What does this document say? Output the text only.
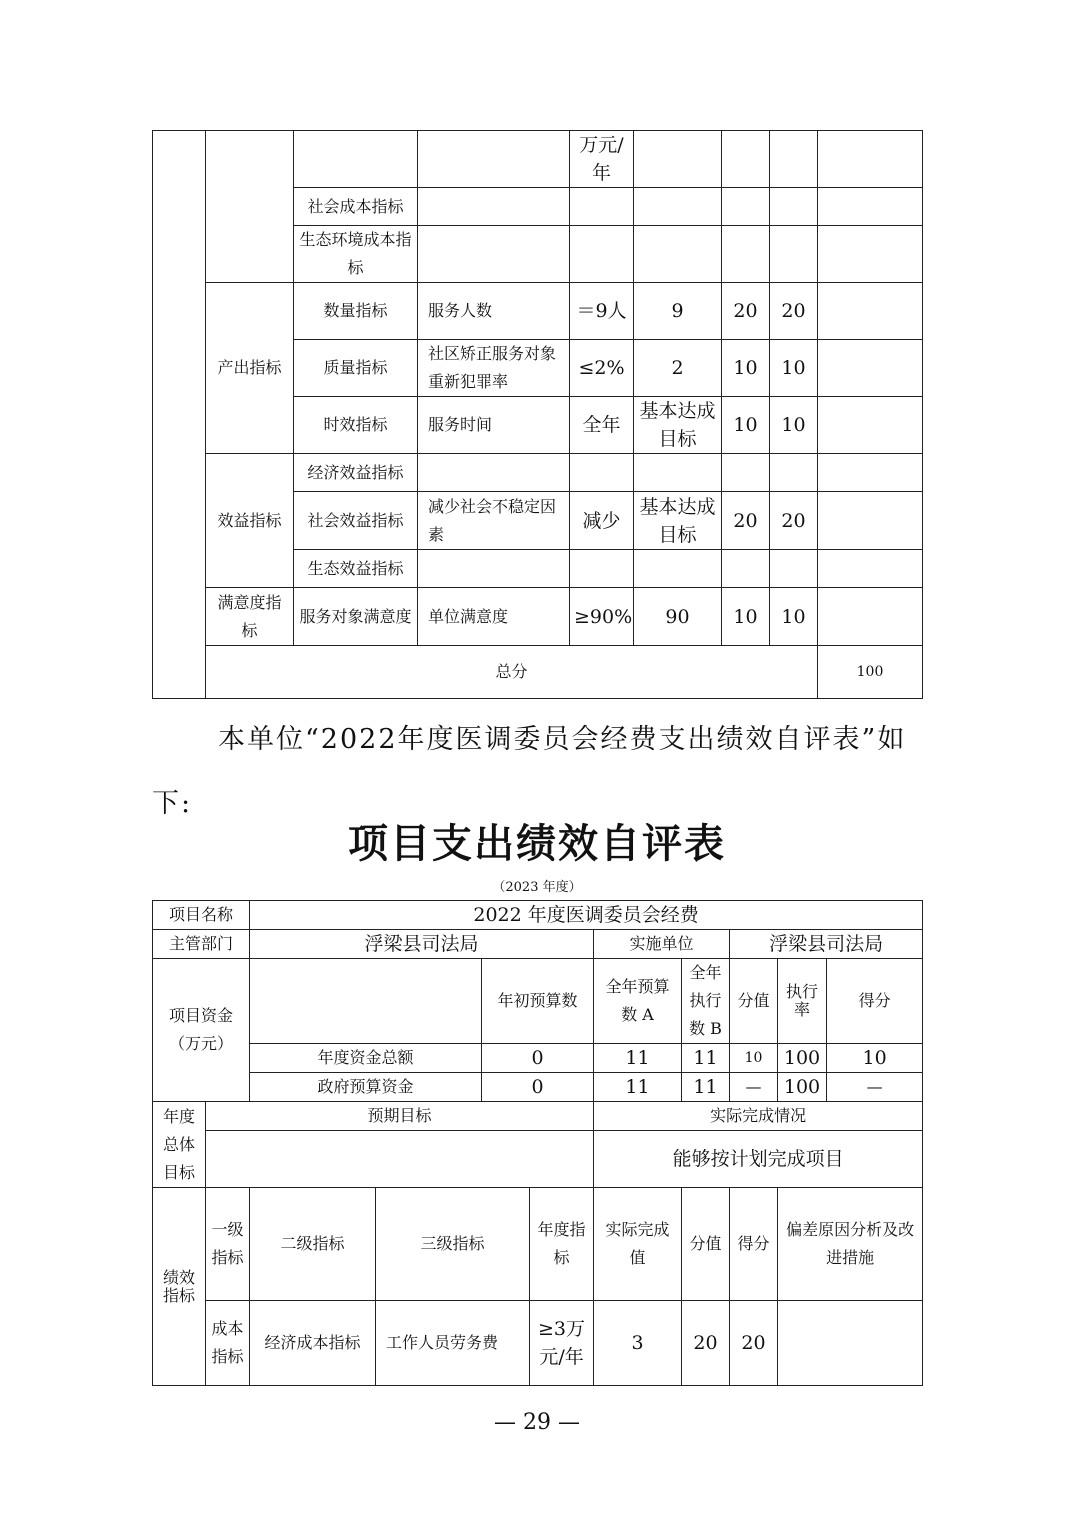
				万元/年					
		社会成本指标							
		生态环境成本指标							
	产出指标	数量指标	服务人数	＝9人	9	20	20		
		质量指标	社区矫正服务对象重新犯罪率	≤2%	2	10	10		
		时效指标	服务时间	全年	基本达成目标	10	10		
	效益指标	经济效益指标							
		社会效益指标	减少社会不稳定因素	减少	基本达成目标	20	20		
		生态效益指标							
	满意度指标	服务对象满意度	单位满意度	≥90%	90	10	10		
	总分							100		

本单位“2022年度医调委员会经费支出绩效自评表”如下:

项目支出绩效自评表

（2023 年度）

项目名称		2022 年度医调委员会经费								
主管部门		浮梁县司法局				实施单位		浮梁县司法局		
项目资金（万元）				年初预算数		全年预算数 A	全年执行数 B	分值	执行率	得分
		年度资金总额		0		11	11	10	100	10
		政府预算资金		0		11	11	—	100	—
年度总体目标	预期目标					实际完成情况				
						能够按计划完成项目				
绩效指标	一级指标	二级指标	三级指标		年度指标	实际完成值	分值	得分	偏差原因分析及改进措施	
	成本指标	经济成本指标	工作人员劳务费		≥3万元/年	3	20	20		

— 29 —
